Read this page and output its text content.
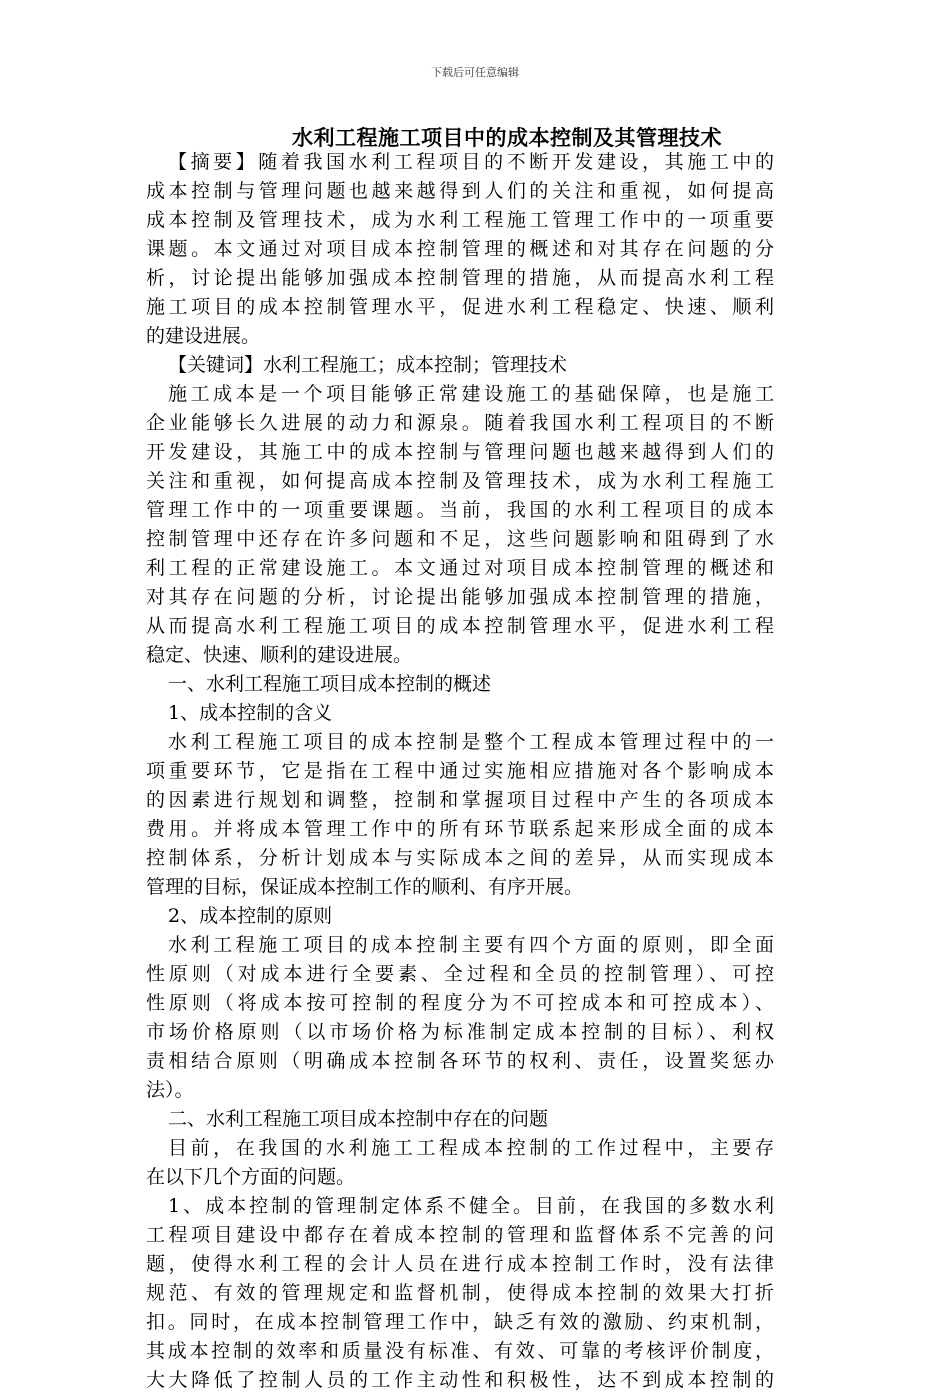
下载后可任意编辑
水利工程施工项目中的成本控制及其管理技术
【摘要】随着我国水利工程项目的不断开发建设，其施工中的
成本控制与管理问题也越来越得到人们的关注和重视，如何提高
成本控制及管理技术，成为水利工程施工管理工作中的一项重要
课题。本文通过对项目成本控制管理的概述和对其存在问题的分
析，讨论提出能够加强成本控制管理的措施，从而提高水利工程
施工项目的成本控制管理水平，促进水利工程稳定、快速、顺利
的建设进展。
【关键词】水利工程施工；成本控制；管理技术
施工成本是一个项目能够正常建设施工的基础保障，也是施工
企业能够长久进展的动力和源泉。随着我国水利工程项目的不断
开发建设，其施工中的成本控制与管理问题也越来越得到人们的
关注和重视，如何提高成本控制及管理技术，成为水利工程施工
管理工作中的一项重要课题。当前，我国的水利工程项目的成本
控制管理中还存在许多问题和不足，这些问题影响和阻碍到了水
利工程的正常建设施工。本文通过对项目成本控制管理的概述和
对其存在问题的分析，讨论提出能够加强成本控制管理的措施，
从而提高水利工程施工项目的成本控制管理水平，促进水利工程
稳定、快速、顺利的建设进展。
一、水利工程施工项目成本控制的概述
1、成本控制的含义
水利工程施工项目的成本控制是整个工程成本管理过程中的一
项重要环节，它是指在工程中通过实施相应措施对各个影响成本
的因素进行规划和调整，控制和掌握项目过程中产生的各项成本
费用。并将成本管理工作中的所有环节联系起来形成全面的成本
控制体系，分析计划成本与实际成本之间的差异，从而实现成本
管理的目标，保证成本控制工作的顺利、有序开展。
2、成本控制的原则
水利工程施工项目的成本控制主要有四个方面的原则，即全面
性原则（对成本进行全要素、全过程和全员的控制管理）、可控
性原则（将成本按可控制的程度分为不可控成本和可控成本）、
市场价格原则（以市场价格为标准制定成本控制的目标）、利权
责相结合原则（明确成本控制各环节的权利、责任，设置奖惩办
法）。
二、水利工程施工项目成本控制中存在的问题
目前，在我国的水利施工工程成本控制的工作过程中，主要存
在以下几个方面的问题。
1、成本控制的管理制定体系不健全。目前，在我国的多数水利
工程项目建设中都存在着成本控制的管理和监督体系不完善的问
题，使得水利工程的会计人员在进行成本控制工作时，没有法律
规范、有效的管理规定和监督机制，使得成本控制的效果大打折
扣。同时，在成本控制管理工作中，缺乏有效的激励、约束机制，
其成本控制的效率和质量没有标准、有效、可靠的考核评价制度，
大大降低了控制人员的工作主动性和积极性，达不到成本控制的
